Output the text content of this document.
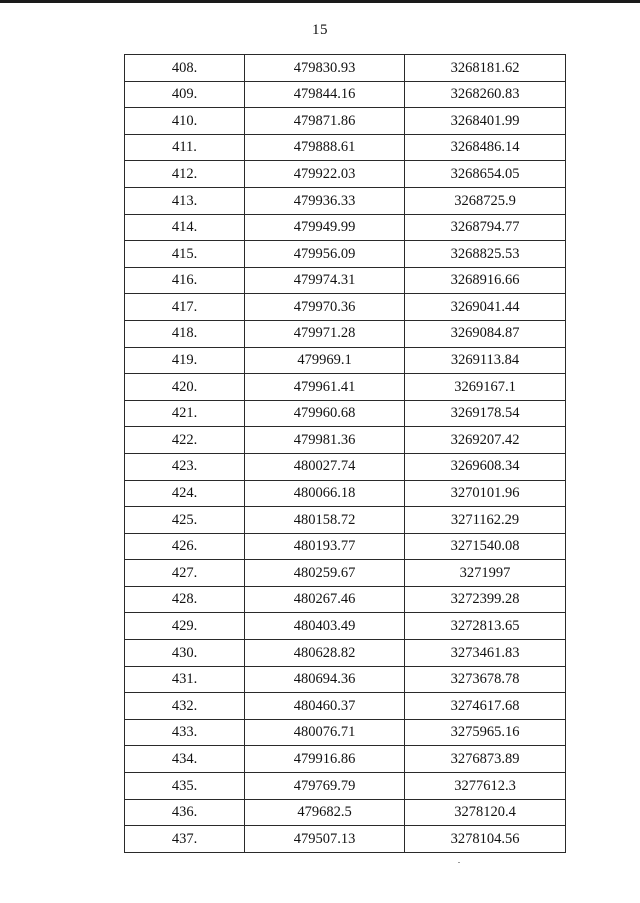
15
408.	479830.93	3268181.62
409.	479844.16	3268260.83
410.	479871.86	3268401.99
411.	479888.61	3268486.14
412.	479922.03	3268654.05
413.	479936.33	3268725.9
414.	479949.99	3268794.77
415.	479956.09	3268825.53
416.	479974.31	3268916.66
417.	479970.36	3269041.44
418.	479971.28	3269084.87
419.	479969.1	3269113.84
420.	479961.41	3269167.1
421.	479960.68	3269178.54
422.	479981.36	3269207.42
423.	480027.74	3269608.34
424.	480066.18	3270101.96
425.	480158.72	3271162.29
426.	480193.77	3271540.08
427.	480259.67	3271997
428.	480267.46	3272399.28
429.	480403.49	3272813.65
430.	480628.82	3273461.83
431.	480694.36	3273678.78
432.	480460.37	3274617.68
433.	480076.71	3275965.16
434.	479916.86	3276873.89
435.	479769.79	3277612.3
436.	479682.5	3278120.4
437.	479507.13	3278104.56
